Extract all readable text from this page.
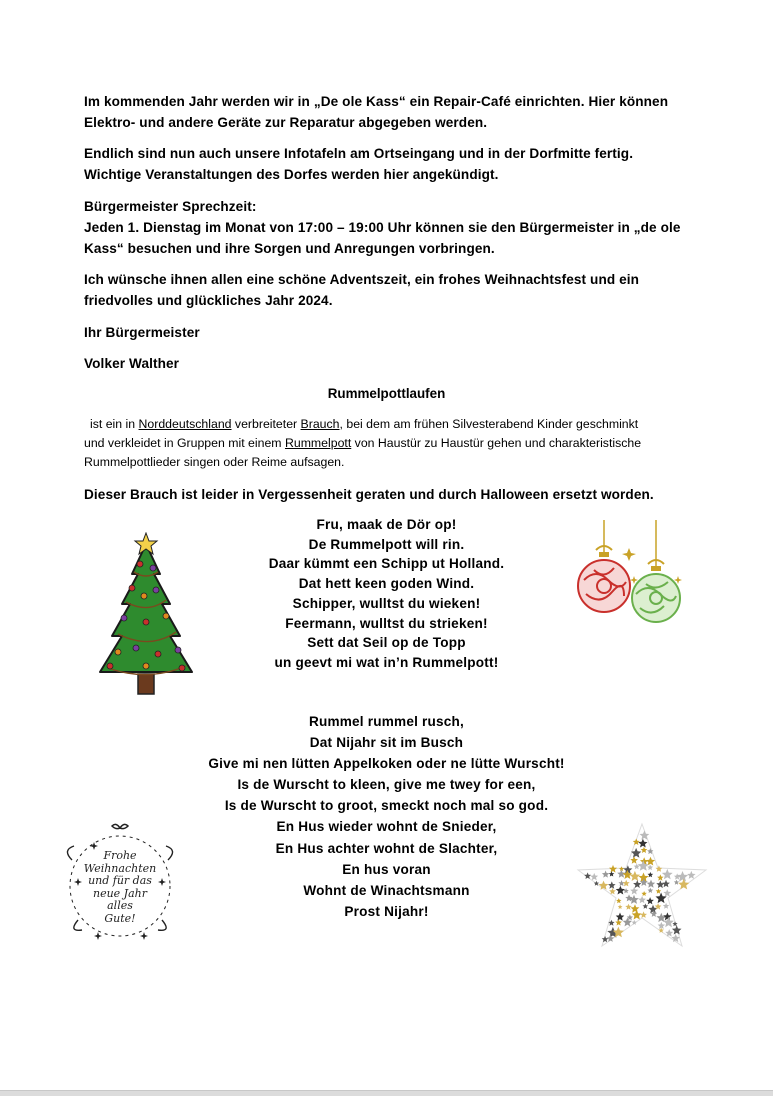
Im kommenden Jahr werden wir in „De ole Kass“ ein Repair-Café einrichten. Hier können
Elektro- und andere Geräte zur Reparatur abgegeben werden.
Endlich sind nun auch unsere Infotafeln am Ortseingang und in der Dorfmitte fertig.
Wichtige Veranstaltungen des Dorfes werden hier angekündigt.
Bürgermeister Sprechzeit:
Jeden 1. Dienstag im Monat von 17:00 – 19:00 Uhr können sie den Bürgermeister in „de ole
Kass“ besuchen und ihre Sorgen und Anregungen vorbringen.
Ich wünsche ihnen allen eine schöne Adventszeit, ein frohes Weihnachtsfest und ein
friedvolles und glückliches Jahr 2024.
Ihr Bürgermeister
Volker Walther
Rummelpottlaufen
ist ein in Norddeutschland verbreiteter Brauch, bei dem am frühen Silvesterabend Kinder geschminkt
und verkleidet in Gruppen mit einem Rummelpott von Haustür zu Haustür gehen und charakteristische
Rummelpottlieder singen oder Reime aufsagen.
Dieser Brauch ist leider in Vergessenheit geraten und durch Halloween ersetzt worden.
Fru, maak de Dör op!
De Rummelpott will rin.
Daar kümmt een Schipp ut Holland.
Dat hett keen goden Wind.
Schipper, wulltst du wieken!
Feermann, wulltst du strieken!
Sett dat Seil op de Topp
un geevt mi wat in’n Rummelpott!
Rummel rummel rusch,
Dat Nijahr sit im Busch
Give mi nen lütten Appelkoken oder ne lütte Wurscht!
Is de Wurscht to kleen, give me twey for een,
Is de Wurscht to groot, smeckt noch mal so god.
En Hus wieder wohnt de Snieder,
En Hus achter wohnt de Slachter,
En hus voran
Wohnt de Winachtsmann
Prost Nijahr!
Frohe
Weihnachten
und für das
neue Jahr
alles
Gute!
